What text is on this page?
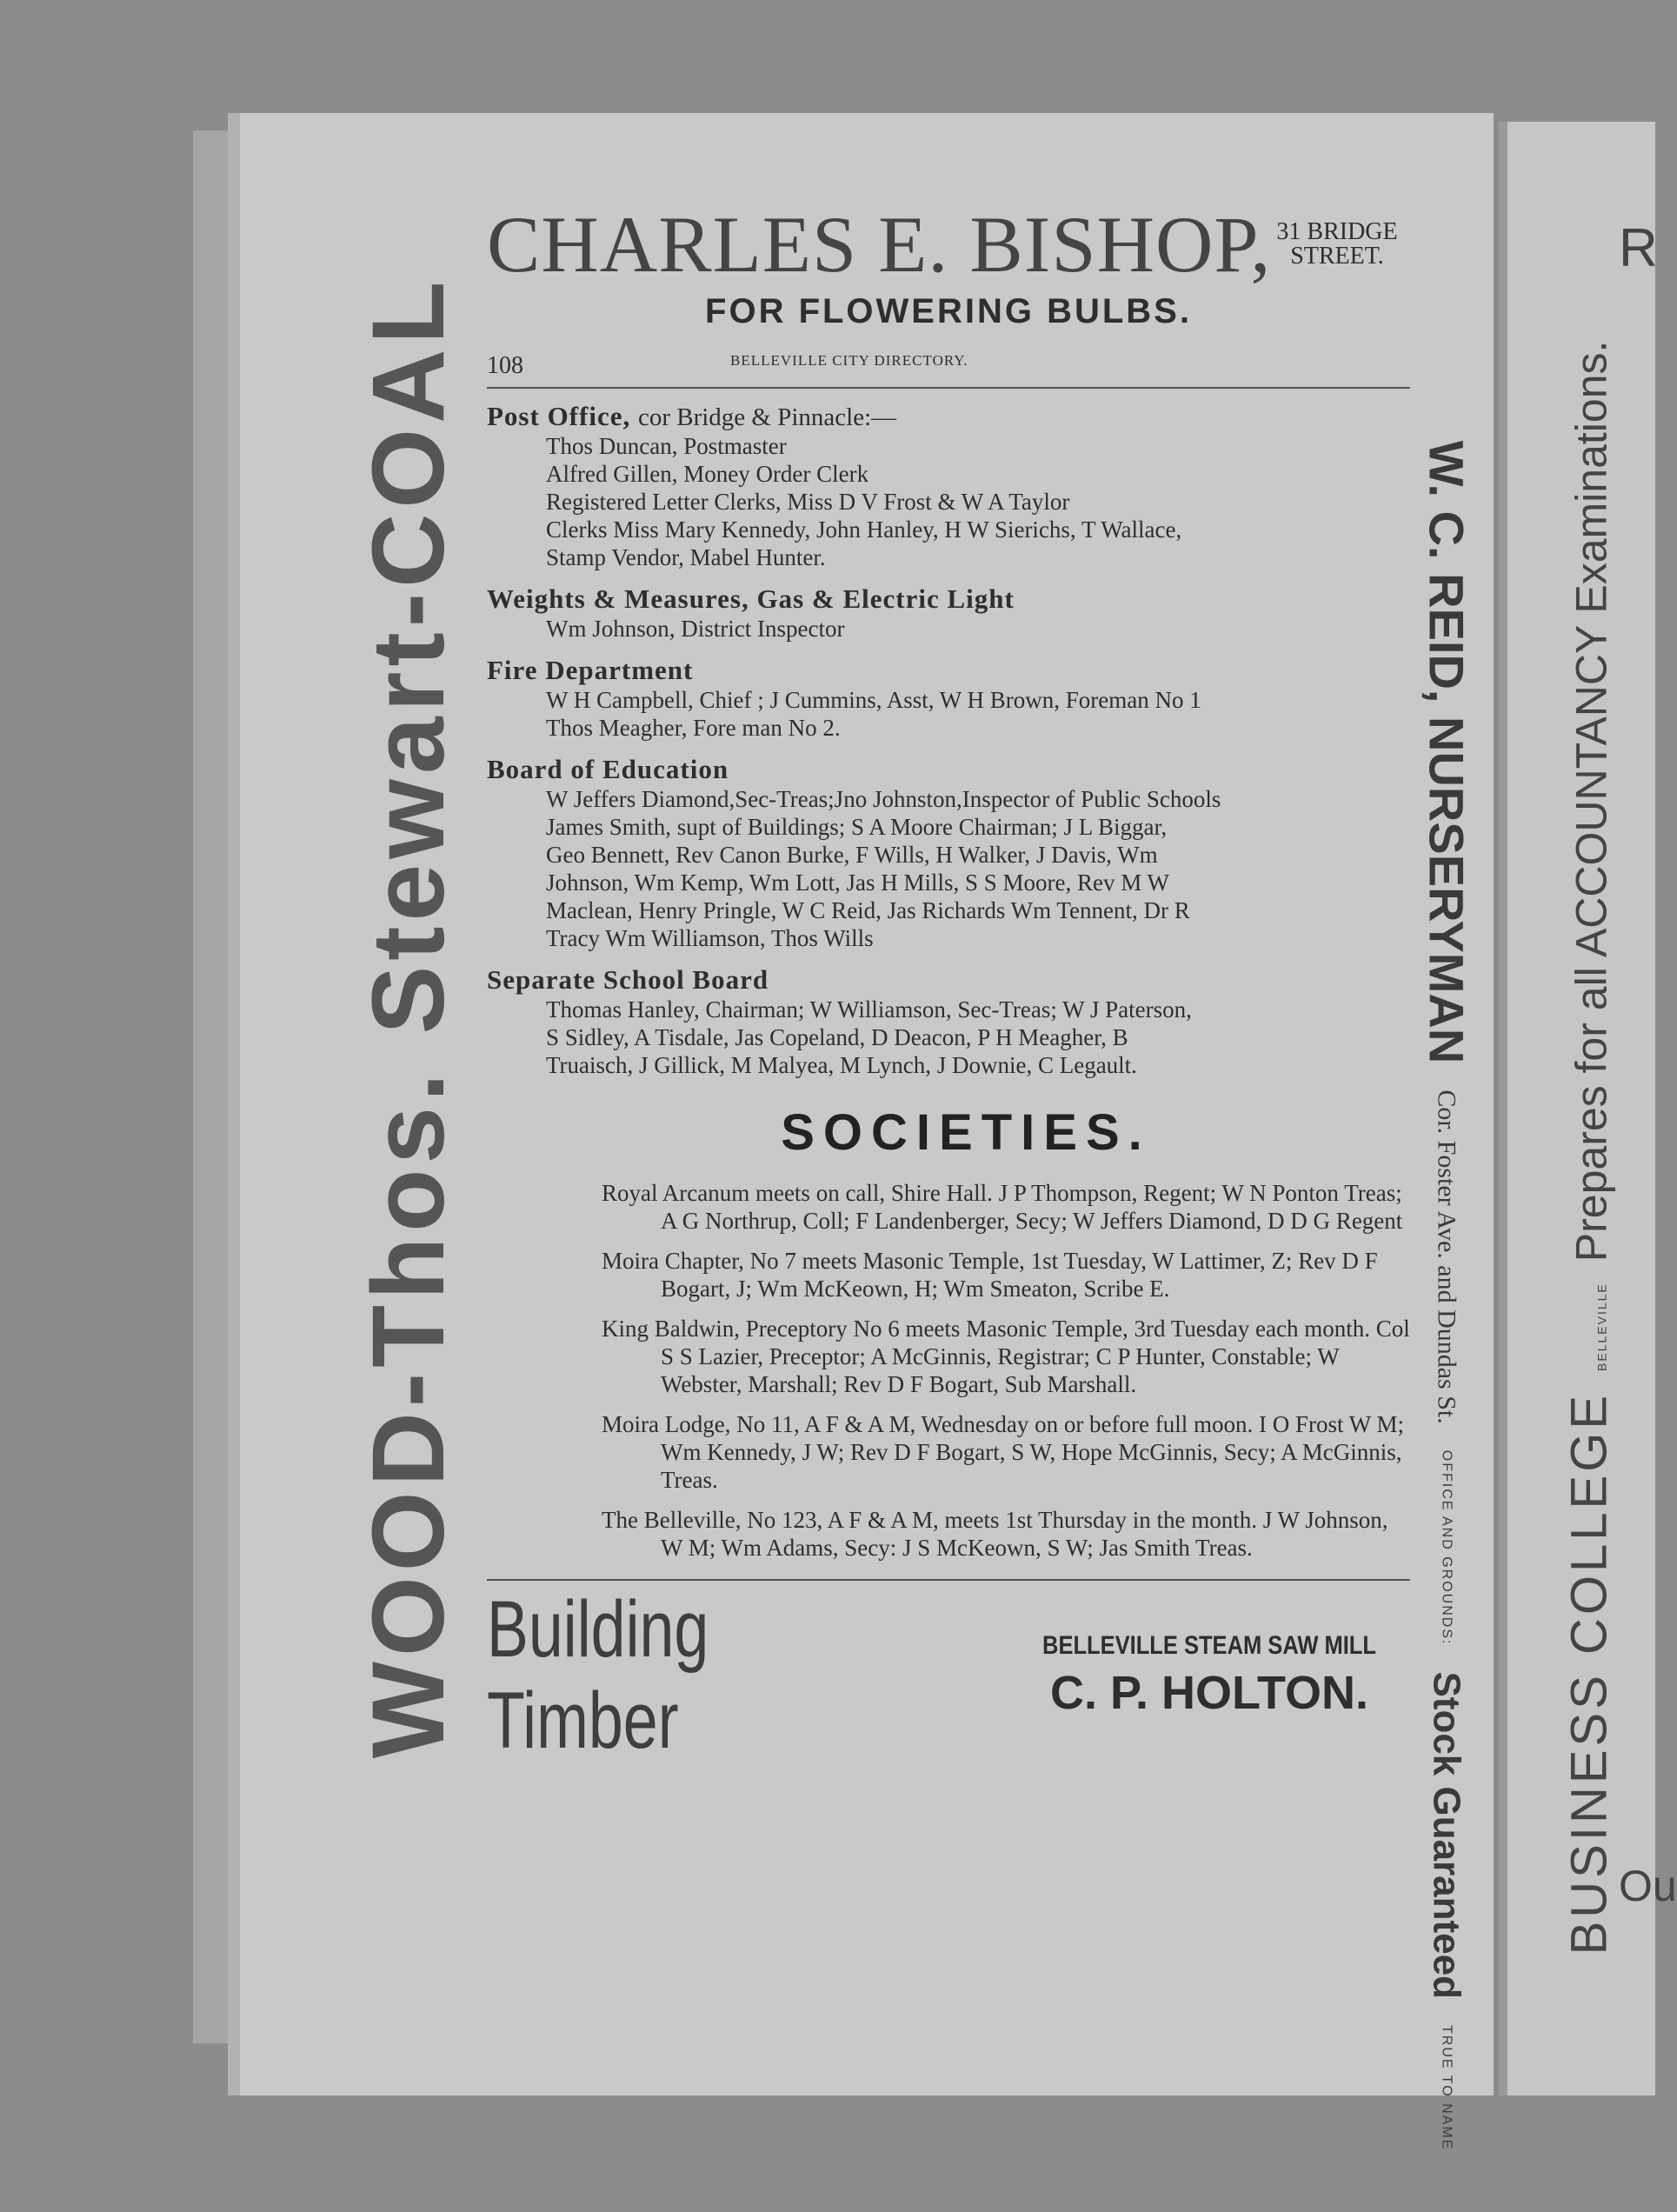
WOOD-Thos. Stewart-COAL	W. C. REID, NURSERYMAN
Cor. Foster Ave. and Dundas St.
OFFICE AND GROUNDS:
Stock Guaranteed
TRUE TO NAME
BUSINESS COLLEGE
BELLEVILLE
Prepares for all ACCOUNTANCY Examinations.
R
Ou
CHARLES E. BISHOP, 31 BRIDGE
STREET.
FOR FLOWERING BULBS.
108	BELLEVILLE CITY DIRECTORY.
Post Office, cor Bridge & Pinnacle:—
Thos Duncan, Postmaster
Alfred Gillen, Money Order Clerk
Registered Letter Clerks, Miss D V Frost & W A Taylor
Clerks Miss Mary Kennedy, John Hanley, H W Sierichs, T Wallace,
Stamp Vendor, Mabel Hunter.
Weights & Measures, Gas & Electric Light
Wm Johnson, District Inspector
Fire Department
W H Campbell, Chief ; J Cummins, Asst, W H Brown, Foreman No 1
Thos Meagher, Fore man No 2.
Board of Education
W Jeffers Diamond,Sec-Treas;Jno Johnston,Inspector of Public Schools
James Smith, supt of Buildings; S A Moore Chairman; J L Biggar,
Geo Bennett, Rev Canon Burke, F Wills, H Walker, J Davis, Wm
Johnson, Wm Kemp, Wm Lott, Jas H Mills, S S Moore, Rev M W
Maclean, Henry Pringle, W C Reid, Jas Richards Wm Tennent, Dr R
Tracy Wm Williamson, Thos Wills
Separate School Board
Thomas Hanley, Chairman; W Williamson, Sec-Treas; W J Paterson,
S Sidley, A Tisdale, Jas Copeland, D Deacon, P H Meagher, B
Truaisch, J Gillick, M Malyea, M Lynch, J Downie, C Legault.
SOCIETIES.
Royal Arcanum meets on call, Shire Hall. J P Thompson, Regent; W N Ponton Treas; A G Northrup, Coll; F Landenberger, Secy; W Jeffers Diamond, D D G Regent
Moira Chapter, No 7 meets Masonic Temple, 1st Tuesday, W Lattimer, Z; Rev D F Bogart, J; Wm McKeown, H; Wm Smeaton, Scribe E.
King Baldwin, Preceptory No 6 meets Masonic Temple, 3rd Tuesday each month. Col S S Lazier, Preceptor; A McGinnis, Registrar; C P Hunter, Constable; W Webster, Marshall; Rev D F Bogart, Sub Marshall.
Moira Lodge, No 11, A F & A M, Wednesday on or before full moon. I O Frost W M; Wm Kennedy, J W; Rev D F Bogart, S W, Hope McGinnis, Secy; A McGinnis, Treas.
The Belleville, No 123, A F & A M, meets 1st Thursday in the month. J W Johnson, W M; Wm Adams, Secy: J S McKeown, S W; Jas Smith Treas.
Building Timber
BELLEVILLE STEAM SAW MILL
C. P. HOLTON.
